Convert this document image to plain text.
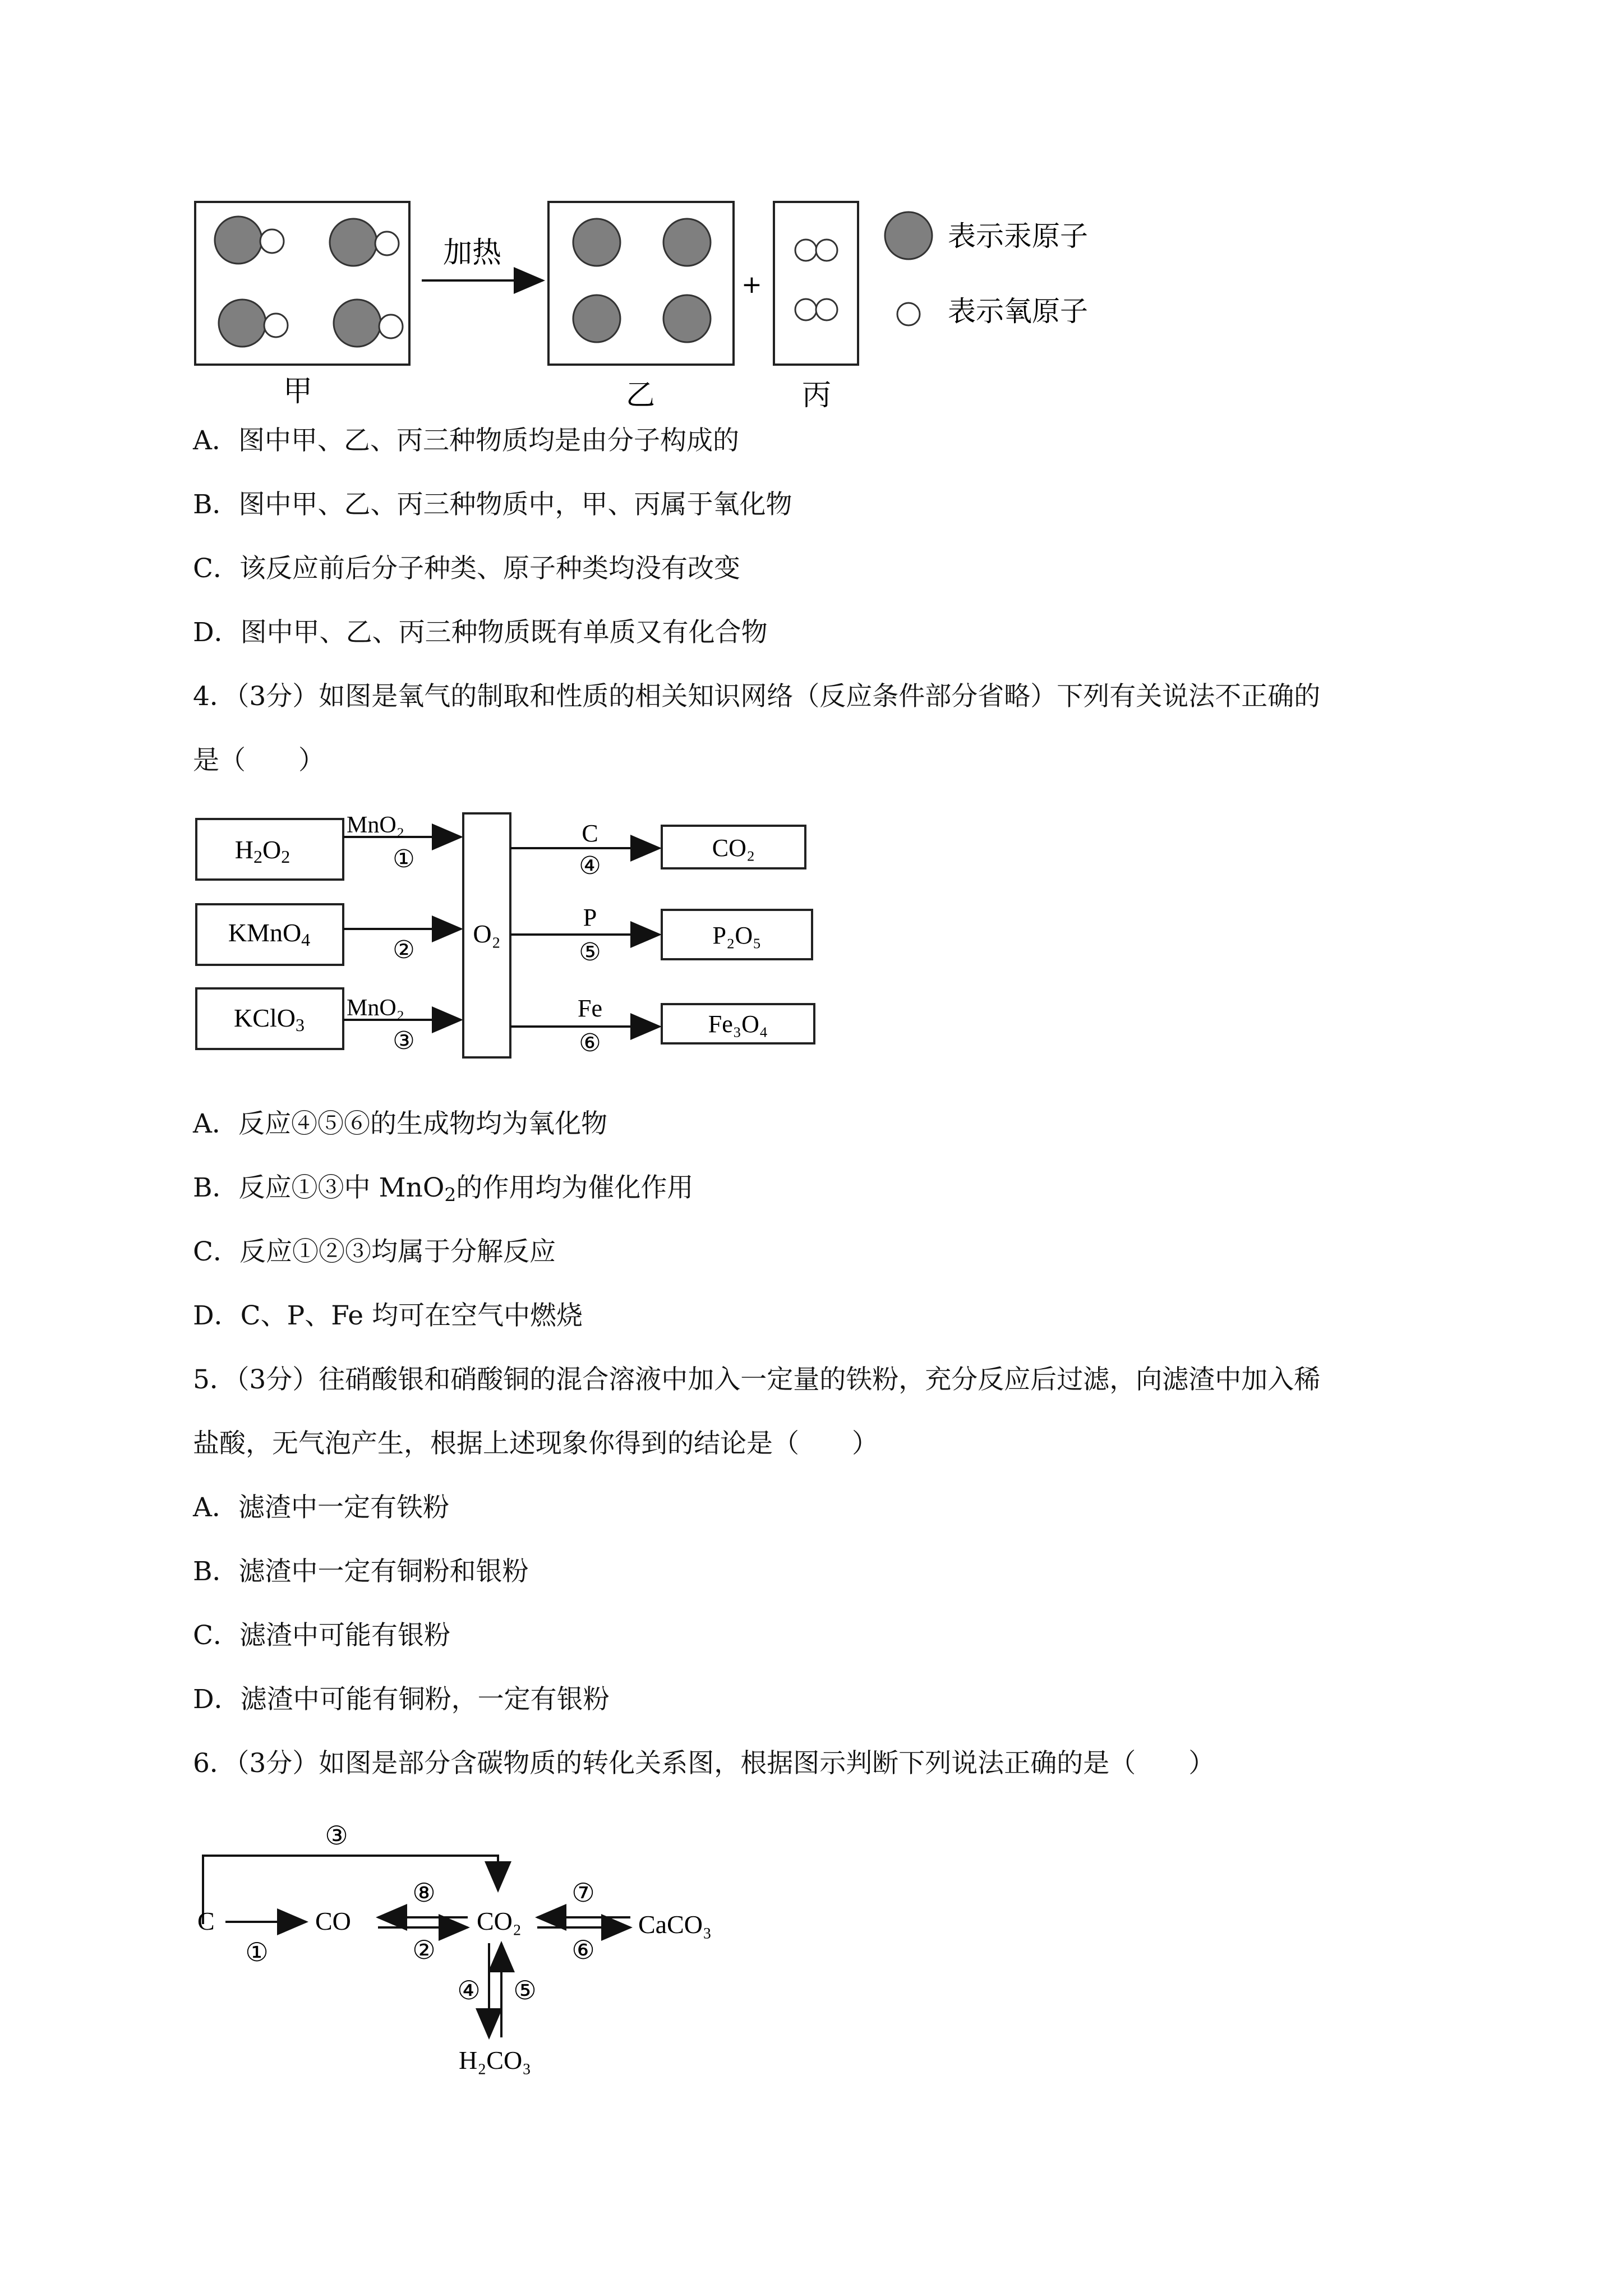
加热
+
甲	乙	丙
表示汞原子
表示氧原子
A．图中甲、乙、丙三种物质均是由分子构成的
B．图中甲、乙、丙三种物质中，甲、丙属于氧化物
C．该反应前后分子种类、原子种类均没有改变
D．图中甲、乙、丙三种物质既有单质又有化合物
4．（3分）如图是氧气的制取和性质的相关知识网络（反应条件部分省略）下列有关说法不正确的
是（　　）
H2O2
KMnO4
KClO3
O₂
MnO₂
①
②
MnO₂
③
C
④
P
⑤
Fe
⑥
CO₂
P₂O₅
Fe₃O₄
A．反应④⑤⑥的生成物均为氧化物
B．反应①③中 MnO$_2$的作用均为催化作用
C．反应①②③均属于分解反应
D．C、P、Fe 均可在空气中燃烧
5．（3分）往硝酸银和硝酸铜的混合溶液中加入一定量的铁粉，充分反应后过滤，向滤渣中加入稀
盐酸，无气泡产生，根据上述现象你得到的结论是（　　）
A．滤渣中一定有铁粉
B．滤渣中一定有铜粉和银粉
C．滤渣中可能有银粉
D．滤渣中可能有铜粉，一定有银粉
6．（3分）如图是部分含碳物质的转化关系图，根据图示判断下列说法正确的是（　　）
③
C	CO	CO₂	CaCO₃
H₂CO₃
①
⑧
②
⑦
⑥
④ ⑤
